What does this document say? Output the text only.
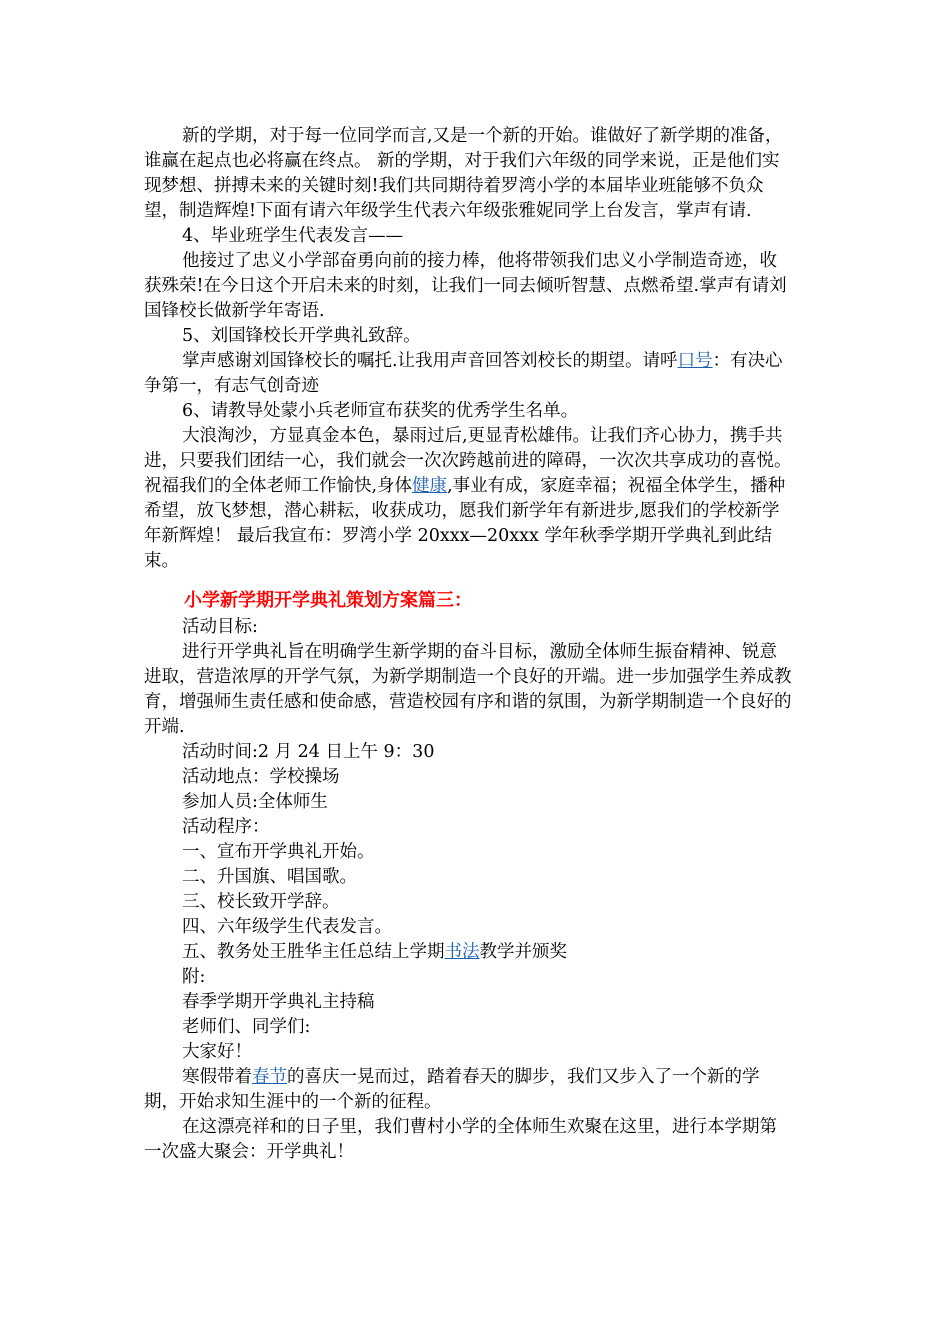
新的学期，对于每一位同学而言,又是一个新的开始。谁做好了新学期的准备，谁赢在起点也必将赢在终点。 新的学期，对于我们六年级的同学来说，正是他们实现梦想、拼搏未来的关键时刻!我们共同期待着罗湾小学的本届毕业班能够不负众望，制造辉煌!下面有请六年级学生代表六年级张雅妮同学上台发言，掌声有请.

4、毕业班学生代表发言——

他接过了忠义小学部奋勇向前的接力棒，他将带领我们忠义小学制造奇迹，收获殊荣!在今日这个开启未来的时刻，让我们一同去倾听智慧、点燃希望.掌声有请刘国锋校长做新学年寄语.

5、刘国锋校长开学典礼致辞。

掌声感谢刘国锋校长的嘱托.让我用声音回答刘校长的期望。请呼口号：有决心争第一，有志气创奇迹

6、请教导处蒙小兵老师宣布获奖的优秀学生名单。

大浪淘沙，方显真金本色，暴雨过后,更显青松雄伟。让我们齐心协力，携手共进，只要我们团结一心，我们就会一次次跨越前进的障碍，一次次共享成功的喜悦。祝福我们的全体老师工作愉快,身体健康,事业有成，家庭幸福；祝福全体学生，播种希望，放飞梦想，潜心耕耘，收获成功，愿我们新学年有新进步,愿我们的学校新学年新辉煌！ 最后我宣布：罗湾小学 20xxx—20xxx 学年秋季学期开学典礼到此结束。

小学新学期开学典礼策划方案篇三：

活动目标:

进行开学典礼旨在明确学生新学期的奋斗目标，激励全体师生振奋精神、锐意进取，营造浓厚的开学气氛，为新学期制造一个良好的开端。进一步加强学生养成教育，增强师生责任感和使命感，营造校园有序和谐的氛围，为新学期制造一个良好的开端.

活动时间:2 月 24 日上午 9：30

活动地点：学校操场

参加人员:全体师生

活动程序：

一、宣布开学典礼开始。

二、升国旗、唱国歌。

三、校长致开学辞。

四、六年级学生代表发言。

五、教务处王胜华主任总结上学期书法教学并颁奖

附:

春季学期开学典礼主持稿

老师们、同学们:

大家好！

寒假带着春节的喜庆一晃而过，踏着春天的脚步，我们又步入了一个新的学期，开始求知生涯中的一个新的征程。

在这漂亮祥和的日子里，我们曹村小学的全体师生欢聚在这里，进行本学期第一次盛大聚会：开学典礼！
